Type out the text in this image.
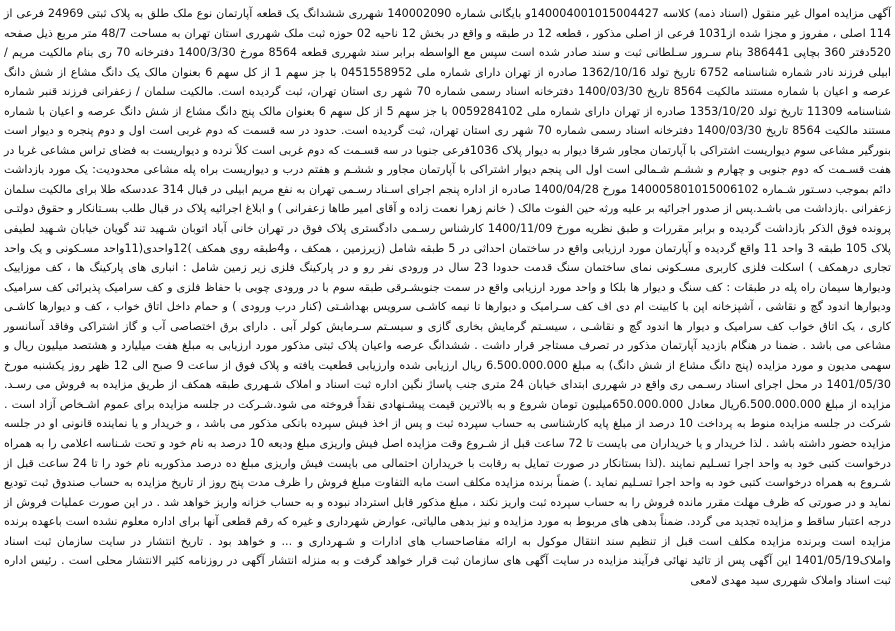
آگهی مزایده اموال غیر منقول (اسناد ذمه) کلاسه 140004001015004427و بایگانی شماره 140002090 شهرری ششدانگ یک قطعه آپارتمان نوع ملک طلق به پلاک ثبتی 24969 فرعی از 114 اصلی ، مفروز و مجزا شده از1031 فرعی از اصلی مذکور ، قطعه 12 در طبقه و واقع در بخش 12 ناحیه 02 حوزه ثبت ملک شهرری استان تهران به مساحت 48/7 متر مربع ذیل صفحه 520دفتر 360 بچاپی 386441 بنام سـرور سـلطانی ثبت و سند صادر شده است سپس مع الواسطه برابر سند شهرری قطعه 8564 مورخ 1400/3/30 دفترخانه 70 ری بنام مالکیت مریم / ابیلی فرزند نادر شماره شناسنامه 6752 تاریخ تولد 1362/10/16 صادره از تهران دارای شماره ملی 0451558952 با جز سهم 1 از کل سهم 6 بعنوان مالک یک دانگ مشاع از شش دانگ عرصه و اعیان با شماره مستند مالکیت 8564 تاریخ 1400/03/30 دفترخانه اسناد رسمی شماره 70 شهر ری استان تهران، ثبت گردیده است. مالکیت سلمان / زعفرانی فرزند قنبر شماره شناسنامه 11309 تاریخ تولد 1353/10/20 صادره از تهران دارای شماره ملی 0059284102 با جز سهم 5 از کل سهم 6 بعنوان مالک پنج دانگ مشاع از شش دانگ عرصه و اعیان با شماره مستند مالکیت 8564 تاریخ 1400/03/30 دفترخانه اسناد رسمی شماره 70 شهر ری استان تهران، ثبت گردیده است. حدود در سه قسمت که دوم غربی است اول و دوم پنجره و دیوار است بنورگیر مشاعی سوم دیواریست اشتراکی با آپارتمان مجاور شرقا دیوار به دیوار پلاک 1036فرعی جنوبا در سه قسـمت که دوم غربی است کلاً نرده و دیواریست به فضای تراس مشاعی غربا در هفت قسـمت که دوم جنوبی و چهارم و ششـم شـمالی است اول الی پنجم دیوار اشتراکی با آپارتمان مجاور و ششـم و هفتم درب و دیواریست براه پله مشاعی محدودیت: یک مورد بازداشت دائم بموجب دسـتور شـماره 140005801015006102 مورخ 1400/04/28 صادره از اداره پنجم اجرای اسـناد رسـمی تهران به نفع مریم ابیلی در قبال 314 عددسکه طلا برای مالکیت سلمان زعفرانی .بازداشت می باشـد.پس از صدور اجرائیه بر علیه ورثه حین الفوت مالک ( خانم زهرا نعمت زاده و آقای امیر طاها زعفرانی ) و ابلاغ اجرائیه پلاک در قبال طلب بسـتانکار و حقوق دولتـی پرونده فوق الذکر بازداشت گردیده و برابر مقررات و طبق نظریه مورخ 1400/11/09 کارشناس رسـمی دادگستری پلاک فوق در تهران خانی آباد اتوبان شـهید تند گویان خیابان شـهید لطیفی پلاک 105 طبقه 3 واحد 11 واقع گردیده و آپارتمان مورد ارزیابی واقع در ساختمان احداثی در 5 طبقه شامل (زیرزمین ، همکف ، و4طبقه روی همکف )12واحدی(11واحد مسـکونی و یک واحد تجاری درهمکف ) اسکلت فلزی کاربری مسـکونی نمای ساختمان سنگ قدمت حدودا 23 سال در ورودی نفر رو و در پارکینگ فلزی زیر زمین شامل : انباری های پارکینگ ها ، کف موزاییک ودیوارها سیمان راه پله در طبقات : کف سنگ و دیوار ها بلکا و واحد مورد ارزیابی واقع در سمت جنوبشـرقی طبقه سوم با در ورودی چوبی با حفاظ فلزی و کف سرامیک پذیرائی کف سرامیک ودیوارها اندود گچ و نقاشی ، آشپزخانه اپن با کابینت ام دی اف کف سـرامیک و دیوارها تا نیمه کاشـی سرویس بهداشـتی (کنار درب ورودی ) و حمام داخل اتاق خواب ، کف و دیوارها کاشـی کاری ، یک اتاق خواب کف سرامیک و دیوار ها اندود گچ و نقاشـی ، سیسـتم گرمایش بخاری گازی و سیسـتم سـرمایش کولر آبی . دارای برق اختصاصی آب و گاز اشتراکی وفاقد آسانسور مشاعی می باشد . ضمنا در هنگام بازدید آپارتمان مذکور در تصرف مستاجر قرار داشت . ششدانگ عرصه واعیان پلاک ثبتی مذکور مورد ارزیابی به مبلغ هفت میلیارد و هشتصد میلیون ریال و سهمی مدیون و مورد مزایده (پنج دانگ مشاع از شش دانگ) به مبلغ 6.500.000.000 ریال ارزیابی شده وارزیابی قطعیت یافته و پلاک فوق از ساعت 9 صبح الی 12 ظهر روز یکشنبه مورخ 1401/05/30 در محل اجرای اسناد رسـمی ری واقع در شهرری ابتدای خیابان 24 متری جنب پاساژ نگین اداره ثبت اسناد و املاک شـهرری طبقه همکف از طریق مزایده به فروش می رسـد. مزایده از مبلغ 6.500.000.000ریال معادل 650.000.000میلیون تومان شروع و به بالاترین قیمت پیشـنهادی نقداً فروخته می شود.شـرکت در جلسه مزایده برای عموم اشـخاص آزاد است . شرکت در جلسه مزایده منوط به پرداخت 10 درصد از مبلغ پایه کارشناسی به حساب سپرده ثبت و پس از اخذ فیش سپرده بانکی مذکور می باشد ، و خریدار و یا نماینده قانونی او در جلسه مزایده حضور داشته باشد . لذا خریدار و یا خریداران می بایست تا 72 ساعت قبل از شـروع وقت مزایده اصل فیش واریزی مبلغ ودیعه 10 درصد به نام خود و تحت شـناسه اعلامی را به همراه درخواست کتبی خود به واحد اجرا تسـلیم نمایند .(لذا بستانکار در صورت تمایل به رقابت با خریداران احتمالی می بایست فیش واریزی مبلغ ده درصد مذکوربه نام خود را تا 24 ساعت قبل از شـروع به همراه درخواست کتبی خود به واحد اجرا تسـلیم نماید .) ضمناً برنده مزایده مکلف است مابه التفاوت مبلغ فروش را ظرف مدت پنج روز از تاریخ مزایده به حساب صندوق ثبت تودیع نماید و در صورتی که ظرف مهلت مقرر مانده فروش را به حساب سپرده ثبت واریز نکند ، مبلغ مذکور قابل استرداد نبوده و به حساب خزانه واریز خواهد شد . در این صورت عملیات فروش از درجه اعتبار ساقط و مزایده تجدید می گردد. ضمناً بدهی های مربوط به مورد مزایده و نیز بدهی مالیاتی، عوارض شهرداری و غیره که رقم قطعی آنها برای اداره معلوم نشده است باعهده برنده مزایده است وبرنده مزایده مکلف است قبل از تنظیم سند انتقال موکول به ارائه مفاصاحساب های ادارات و شـهرداری و ... و خواهد بود . تاریخ انتشار در سایت سازمان ثبت اسناد واملاک1401/05/19 این آگهی پس از تائید نهائی فرآیند مزایده در سایت آگهی های سازمان ثبت قرار خواهد گرفت و به منزله انتشار آگهی در روزنامه کثیر الانتشار محلی است . رئیس اداره ثبت اسناد واملاک شهرری سید مهدی لامعی
